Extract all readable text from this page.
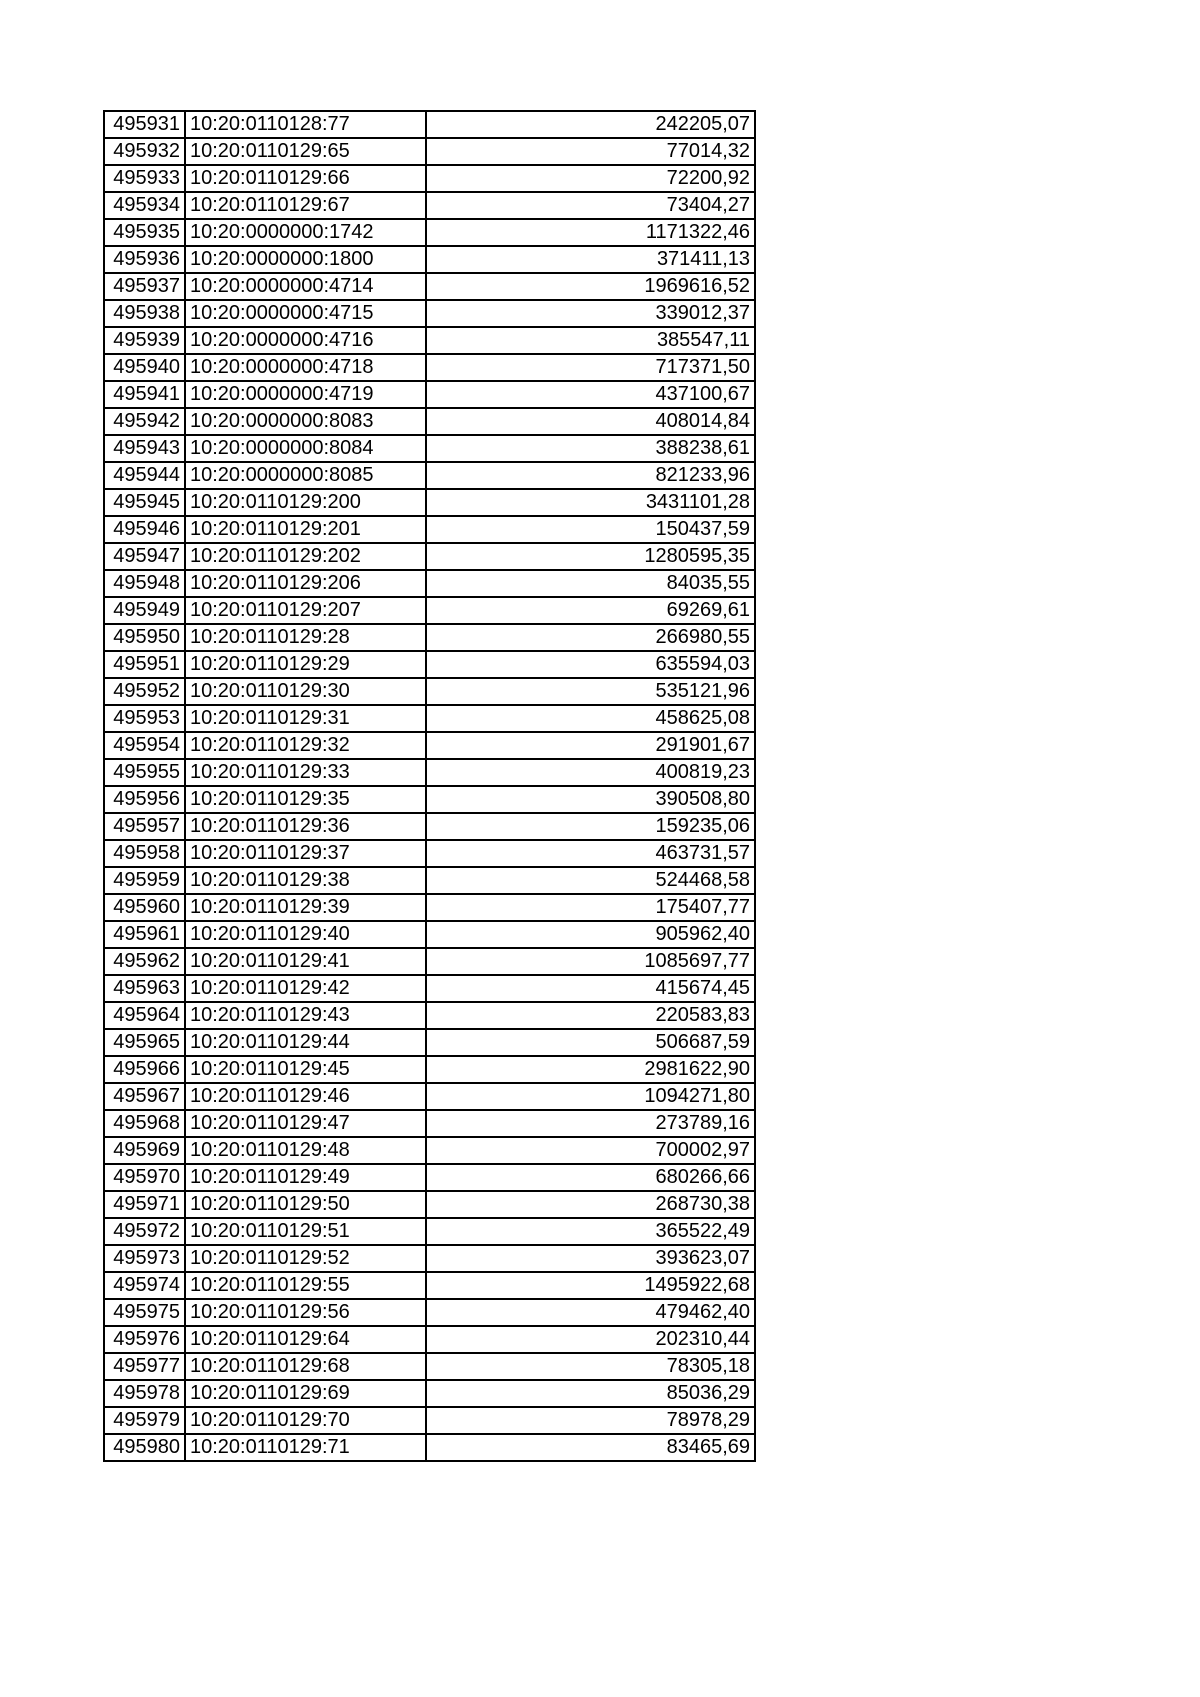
495931	10:20:0110128:77	242205,07
495932	10:20:0110129:65	77014,32
495933	10:20:0110129:66	72200,92
495934	10:20:0110129:67	73404,27
495935	10:20:0000000:1742	1171322,46
495936	10:20:0000000:1800	371411,13
495937	10:20:0000000:4714	1969616,52
495938	10:20:0000000:4715	339012,37
495939	10:20:0000000:4716	385547,11
495940	10:20:0000000:4718	717371,50
495941	10:20:0000000:4719	437100,67
495942	10:20:0000000:8083	408014,84
495943	10:20:0000000:8084	388238,61
495944	10:20:0000000:8085	821233,96
495945	10:20:0110129:200	3431101,28
495946	10:20:0110129:201	150437,59
495947	10:20:0110129:202	1280595,35
495948	10:20:0110129:206	84035,55
495949	10:20:0110129:207	69269,61
495950	10:20:0110129:28	266980,55
495951	10:20:0110129:29	635594,03
495952	10:20:0110129:30	535121,96
495953	10:20:0110129:31	458625,08
495954	10:20:0110129:32	291901,67
495955	10:20:0110129:33	400819,23
495956	10:20:0110129:35	390508,80
495957	10:20:0110129:36	159235,06
495958	10:20:0110129:37	463731,57
495959	10:20:0110129:38	524468,58
495960	10:20:0110129:39	175407,77
495961	10:20:0110129:40	905962,40
495962	10:20:0110129:41	1085697,77
495963	10:20:0110129:42	415674,45
495964	10:20:0110129:43	220583,83
495965	10:20:0110129:44	506687,59
495966	10:20:0110129:45	2981622,90
495967	10:20:0110129:46	1094271,80
495968	10:20:0110129:47	273789,16
495969	10:20:0110129:48	700002,97
495970	10:20:0110129:49	680266,66
495971	10:20:0110129:50	268730,38
495972	10:20:0110129:51	365522,49
495973	10:20:0110129:52	393623,07
495974	10:20:0110129:55	1495922,68
495975	10:20:0110129:56	479462,40
495976	10:20:0110129:64	202310,44
495977	10:20:0110129:68	78305,18
495978	10:20:0110129:69	85036,29
495979	10:20:0110129:70	78978,29
495980	10:20:0110129:71	83465,69
